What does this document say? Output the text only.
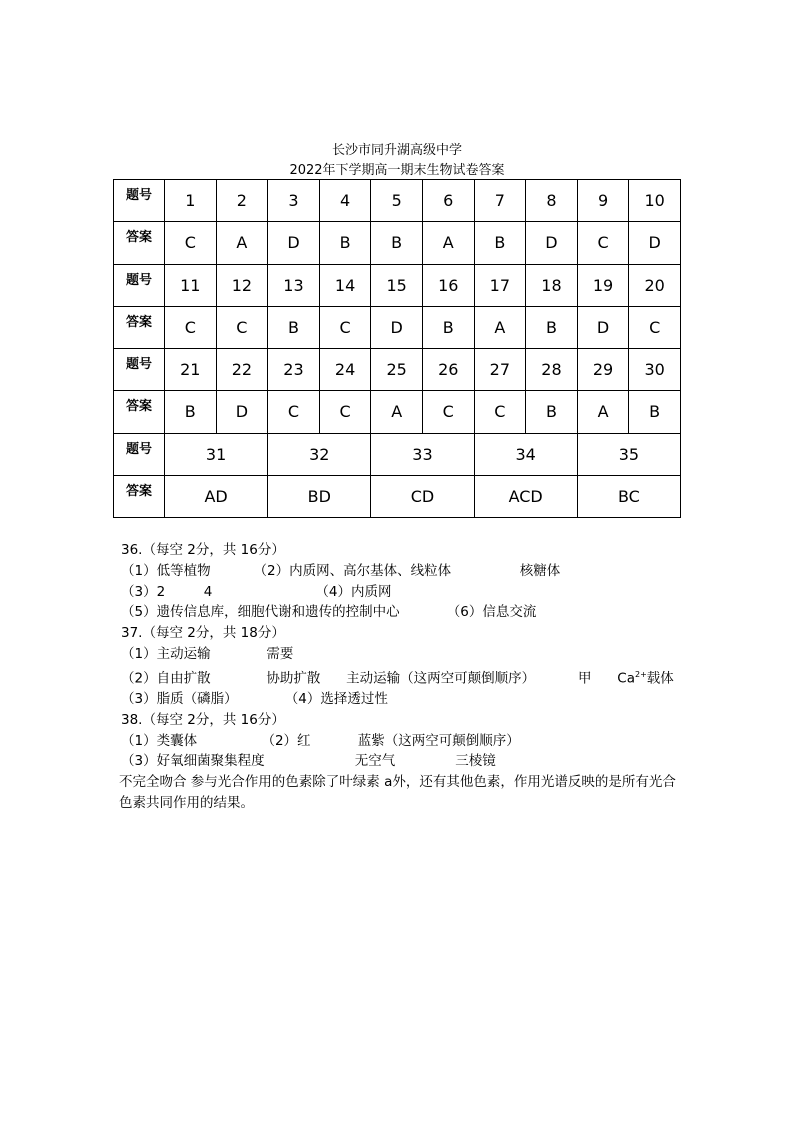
长沙市同升湖高级中学
2022年下学期高一期末生物试卷答案
题号	1	2	3	4	5	6	7	8	9	10
答案	C	A	D	B	B	A	B	D	C	D
题号	11	12	13	14	15	16	17	18	19	20
答案	C	C	B	C	D	B	A	B	D	C
题号	21	22	23	24	25	26	27	28	29	30
答案	B	D	C	C	A	C	C	B	A	B
题号	31		32		33		34		35	
答案	AD		BD		CD		ACD		BC	
36.（每空 2分，共 16分）
（1）低等植物          （2）内质网、高尔基体、线粒体                核糖体
（3）2         4                        （4）内质网
（5）遗传信息库，细胞代谢和遗传的控制中心           （6）信息交流
37.（每空 2分，共 18分）
（1）主动运输             需要
（2）自由扩散             协助扩散      主动运输（这两空可颠倒顺序）          甲      $Ca^{2+}$载体
（3）脂质（磷脂）           （4）选择透过性
38.（每空 2分，共 16分）
（1）类囊体               （2）红           蓝紫（这两空可颠倒顺序）
（3）好氧细菌聚集程度                     无空气              三棱镜
不完全吻合 参与光合作用的色素除了叶绿素 a外，还有其他色素，作用光谱反映的是所有光合色素共同作用的结果。
